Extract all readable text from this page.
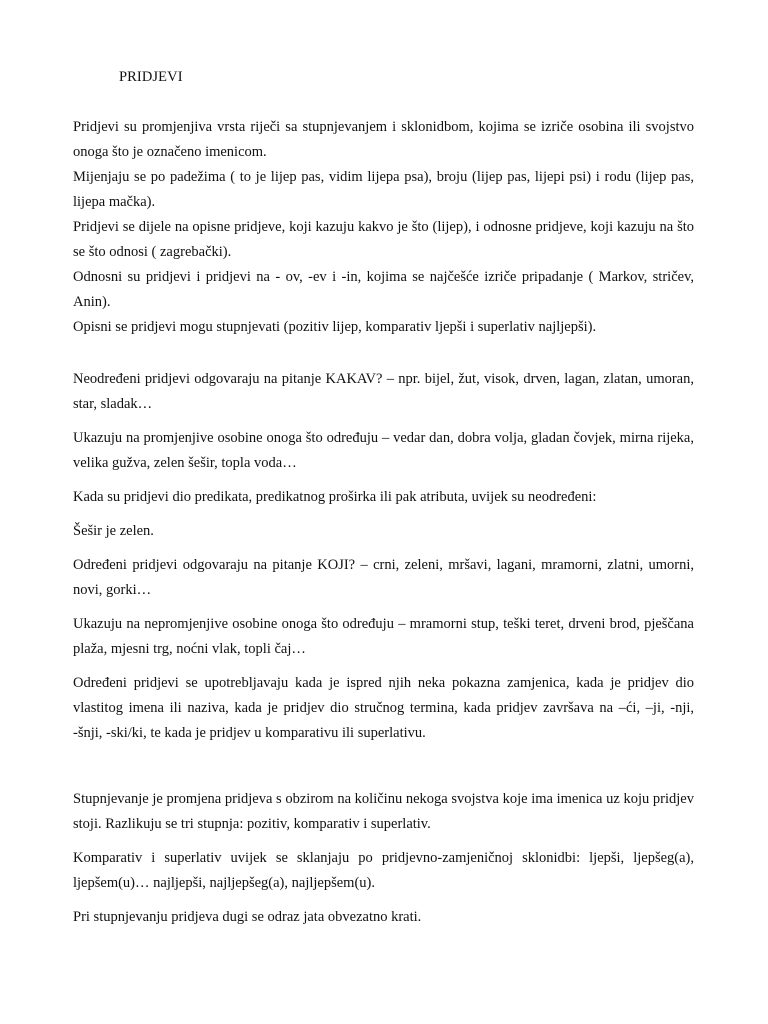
PRIDJEVI

Pridjevi su promjenjiva vrsta riječi sa stupnjevanjem i sklonidbom, kojima se izriče osobina ili svojstvo onoga što je označeno imenicom.

Mijenjaju se po padežima ( to je lijep pas, vidim lijepa psa), broju (lijep pas, lijepi psi) i rodu (lijep pas, lijepa mačka).

Pridjevi se dijele na opisne pridjeve, koji kazuju kakvo je što (lijep), i odnosne pridjeve, koji kazuju na što se što odnosi ( zagrebački).

Odnosni su pridjevi i pridjevi na - ov, -ev i -in, kojima se najčešće izriče pripadanje ( Markov, stričev, Anin).

Opisni se pridjevi mogu stupnjevati (pozitiv lijep, komparativ ljepši i superlativ najljepši).

Neodređeni pridjevi odgovaraju na pitanje KAKAV? – npr. bijel, žut, visok, drven, lagan, zlatan, umoran, star, sladak…

Ukazuju na promjenjive osobine onoga što određuju – vedar dan, dobra volja, gladan čovjek, mirna rijeka, velika gužva, zelen šešir, topla voda…

Kada su pridjevi dio predikata, predikatnog proširka ili pak atributa, uvijek su neodređeni:

Šešir je zelen.

Određeni pridjevi odgovaraju na pitanje KOJI? – crni, zeleni, mršavi, lagani, mramorni, zlatni, umorni, novi, gorki…

Ukazuju na nepromjenjive osobine onoga što određuju – mramorni stup, teški teret, drveni brod, pješčana plaža, mjesni trg, noćni vlak, topli čaj…

Određeni pridjevi se upotrebljavaju kada je ispred njih neka pokazna zamjenica, kada je pridjev dio vlastitog imena ili naziva, kada je pridjev dio stručnog termina, kada pridjev završava na –ći, –ji, -nji, -šnji, -ski/ki, te kada je pridjev u komparativu ili superlativu.

Stupnjevanje je promjena pridjeva s obzirom na količinu nekoga svojstva koje ima imenica uz koju pridjev stoji. Razlikuju se tri stupnja: pozitiv, komparativ i superlativ.

Komparativ i superlativ uvijek se sklanjaju po pridjevno-zamjeničnoj sklonidbi: ljepši, ljepšeg(a), ljepšem(u)… najljepši, najljepšeg(a), najljepšem(u).

Pri stupnjevanju pridjeva dugi se odraz jata obvezatno krati.
